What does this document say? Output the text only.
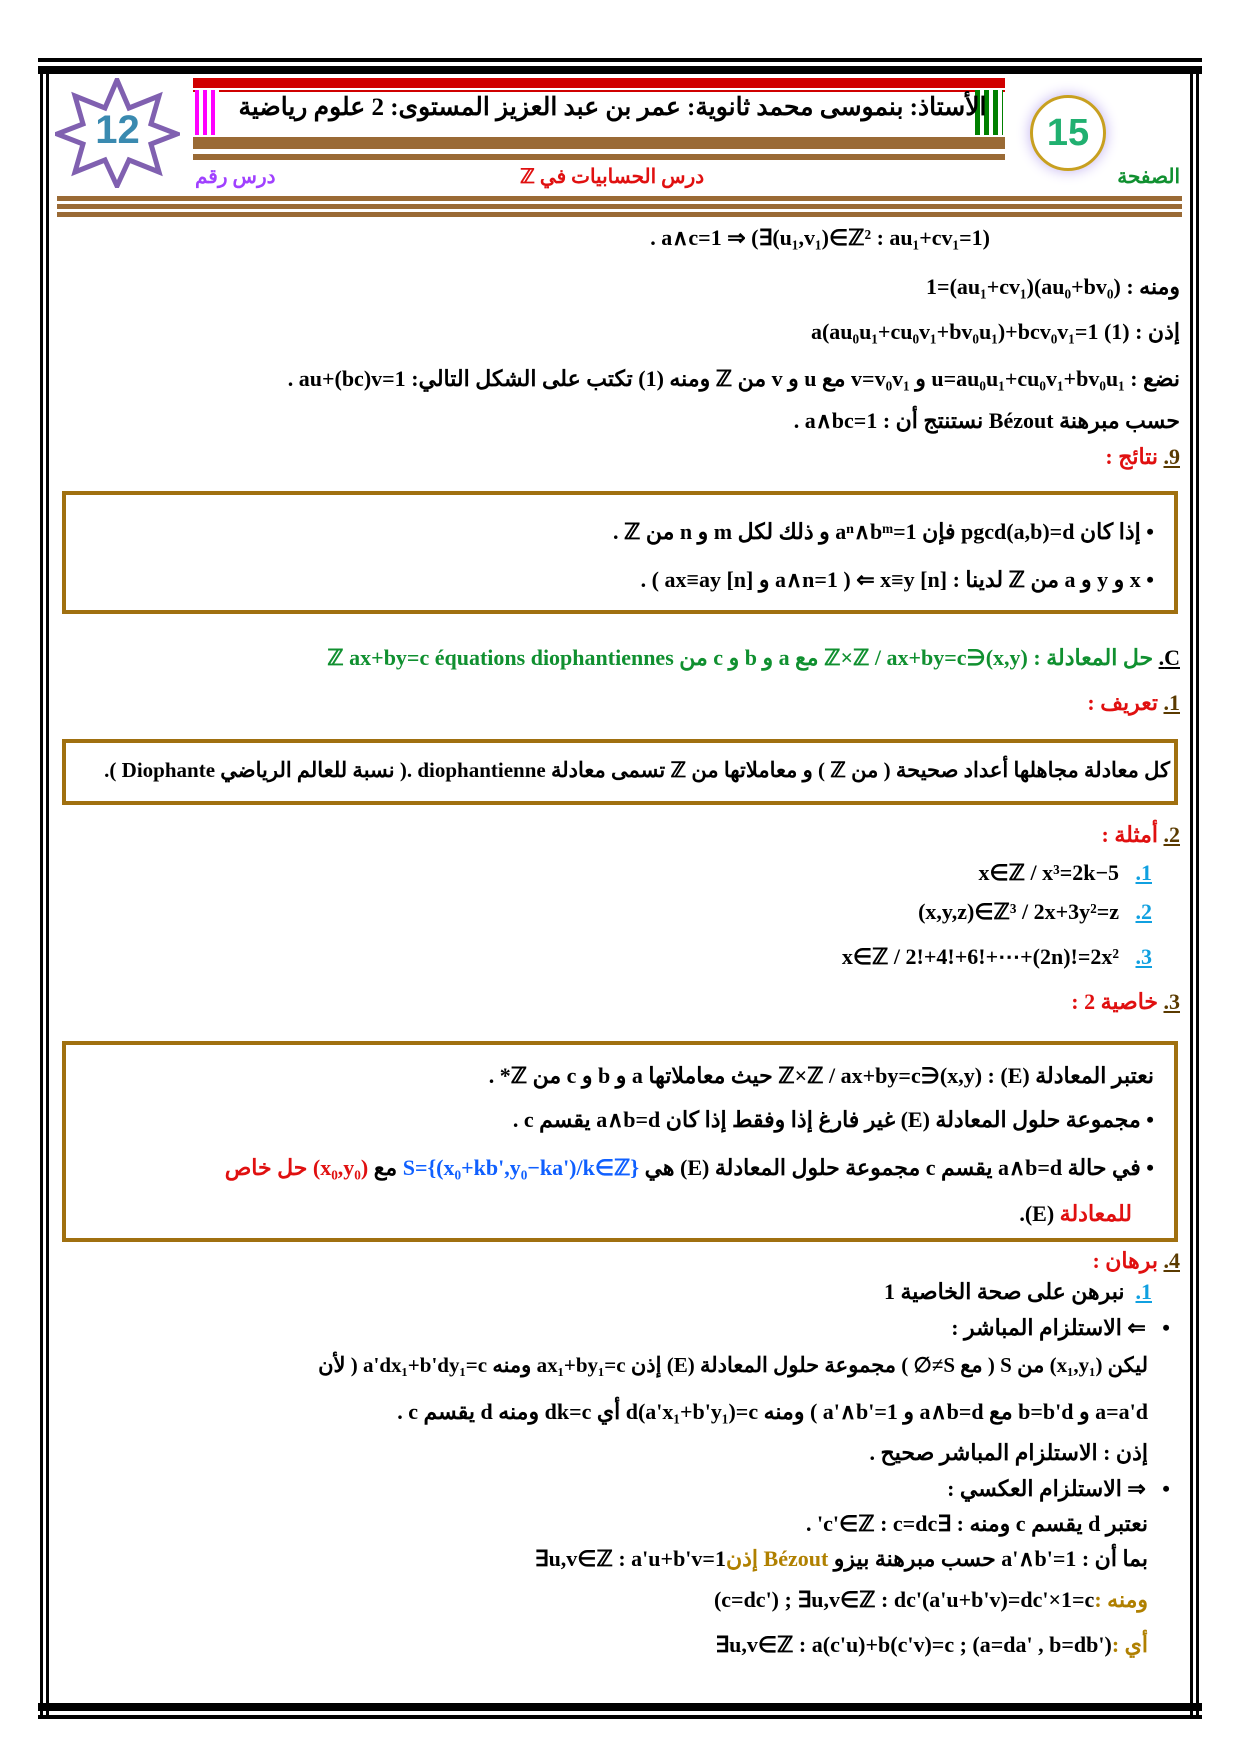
الأستاذ: بنموسى محمد ثانوية: عمر بن عبد العزيز المستوى: 2 علوم رياضية
12	15
درس رقم	درس الحسابيات في ℤ	الصفحة
a∧c=1 ⇒ (∃(u₁,v₁)∈ℤ² : au₁+cv₁=1) .
ومنه : (au₀+bv₀)(au₁+cv₁)=1
إذن : a(au₀u₁+cu₀v₁+bv₀u₁)+bcv₀v₁=1 (1)
نضع : u=au₀u₁+cu₀v₁+bv₀u₁ و v=v₀v₁ مع u و v من ℤ ومنه (1) تكتب على الشكل التالي: au+(bc)v=1 .
حسب مبرهنة Bézout نستنتج أن : a∧bc=1 .
9. نتائج :
• إذا كان pgcd(a,b)=d فإن aⁿ∧bᵐ=1 و ذلك لكل m و n من ℤ .
• x و y و a من ℤ لدينا : x≡y [n] ⇐ ( a∧n=1 و ax≡ay [n] ) .
C. حل المعادلة : (x,y)∈ℤ×ℤ / ax+by=c مع a و b و c من ℤ ax+by=c équations diophantiennes
1. تعريف :
كل معادلة مجاهلها أعداد صحيحة ( من ℤ ) و معاملاتها من ℤ تسمى معادلة diophantienne .( نسبة للعالم الرياضي Diophante ).
2. أمثلة :
1.   x∈ℤ / x³=2k−5
2.   (x,y,z)∈ℤ³ / 2x+3y²=z
3.   x∈ℤ / 2!+4!+6!+⋯+(2n)!=2x²
3. خاصية 2 :
نعتبر المعادلة (E) : (x,y)∈ℤ×ℤ / ax+by=c حيث معاملاتها a و b و c من ℤ* .
• مجموعة حلول المعادلة (E) غير فارغ إذا وفقط إذا كان a∧b=d يقسم c .
• في حالة a∧b=d يقسم c مجموعة حلول المعادلة (E) هي S={(x₀+kb',y₀−ka')/k∈ℤ} مع (x₀,y₀) حل خاص
للمعادلة (E).
4. برهان :
1.  نبرهن على صحة الخاصية 1
•   ⇐ الاستلزام المباشر :
ليكن (x₁,y₁) من S ( مع S≠∅ ) مجموعة حلول المعادلة (E) إذن ax₁+by₁=c ومنه a'dx₁+b'dy₁=c ( لأن
a=a'd و b=b'd مع a∧b=d و a'∧b'=1 ) ومنه d(a'x₁+b'y₁)=c أي dk=c ومنه d يقسم c .
إذن : الاستلزام المباشر صحيح .
•   ⇒ الاستلزام العكسي :
نعتبر d يقسم c ومنه : ∃c'∈ℤ : c=dc' .
بما أن : a'∧b'=1 حسب مبرهنة بيزو Bézout إذن ∃u,v∈ℤ : a'u+b'v=1
ومنه : (c=dc') ; ∃u,v∈ℤ : dc'(a'u+b'v)=dc'×1=c
أي : ∃u,v∈ℤ : a(c'u)+b(c'v)=c ; (a=da' , b=db')
